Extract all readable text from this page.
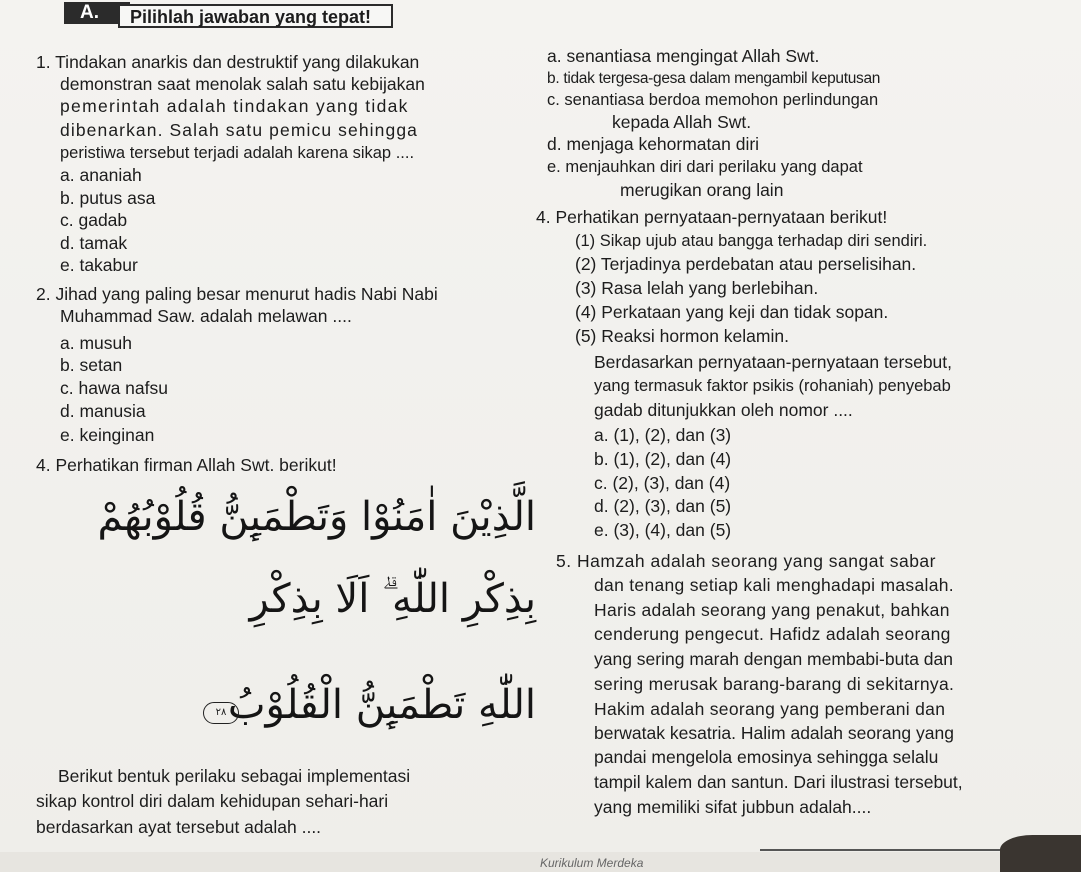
A.	Pilihlah jawaban yang tepat!
1. Tindakan anarkis dan destruktif yang dilakukan
demonstran saat menolak salah satu kebijakan
pemerintah adalah tindakan yang tidak
dibenarkan. Salah satu pemicu sehingga
peristiwa tersebut terjadi adalah karena sikap ....
a. ananiah
b. putus asa
c. gadab
d. tamak
e. takabur
2. Jihad yang paling besar menurut hadis Nabi Nabi
Muhammad Saw. adalah melawan ....
a. musuh
b. setan
c. hawa nafsu
d. manusia
e. keinginan
4. Perhatikan firman Allah Swt. berikut!
الَّذِيْنَ اٰمَنُوْا وَتَطْمَىِٕنُّ قُلُوْبُهُمْ
بِذِكْرِ اللّٰهِ ۗ اَلَا بِذِكْرِ
اللّٰهِ تَطْمَىِٕنُّ الْقُلُوْبُ
٢٨
Berikut bentuk perilaku sebagai implementasi
sikap kontrol diri dalam kehidupan sehari-hari
berdasarkan ayat tersebut adalah ....
a. senantiasa mengingat Allah Swt.
b. tidak tergesa-gesa dalam mengambil keputusan
c. senantiasa berdoa memohon perlindungan
kepada Allah Swt.
d. menjaga kehormatan diri
e. menjauhkan diri dari perilaku yang dapat
merugikan orang lain
4. Perhatikan pernyataan-pernyataan berikut!
(1) Sikap ujub atau bangga terhadap diri sendiri.
(2) Terjadinya perdebatan atau perselisihan.
(3) Rasa lelah yang berlebihan.
(4) Perkataan yang keji dan tidak sopan.
(5) Reaksi hormon kelamin.
Berdasarkan pernyataan-pernyataan tersebut,
yang termasuk faktor psikis (rohaniah) penyebab
gadab ditunjukkan oleh nomor ....
a. (1), (2), dan (3)
b. (1), (2), dan (4)
c. (2), (3), dan (4)
d. (2), (3), dan (5)
e. (3), (4), dan (5)
5. Hamzah adalah seorang yang sangat sabar
dan tenang setiap kali menghadapi masalah.
Haris adalah seorang yang penakut, bahkan
cenderung pengecut. Hafidz adalah seorang
yang sering marah dengan membabi-buta dan
sering merusak barang-barang di sekitarnya.
Hakim adalah seorang yang pemberani dan
berwatak kesatria. Halim adalah seorang yang
pandai mengelola emosinya sehingga selalu
tampil kalem dan santun. Dari ilustrasi tersebut,
yang memiliki sifat jubbun adalah....
Kurikulum Merdeka
